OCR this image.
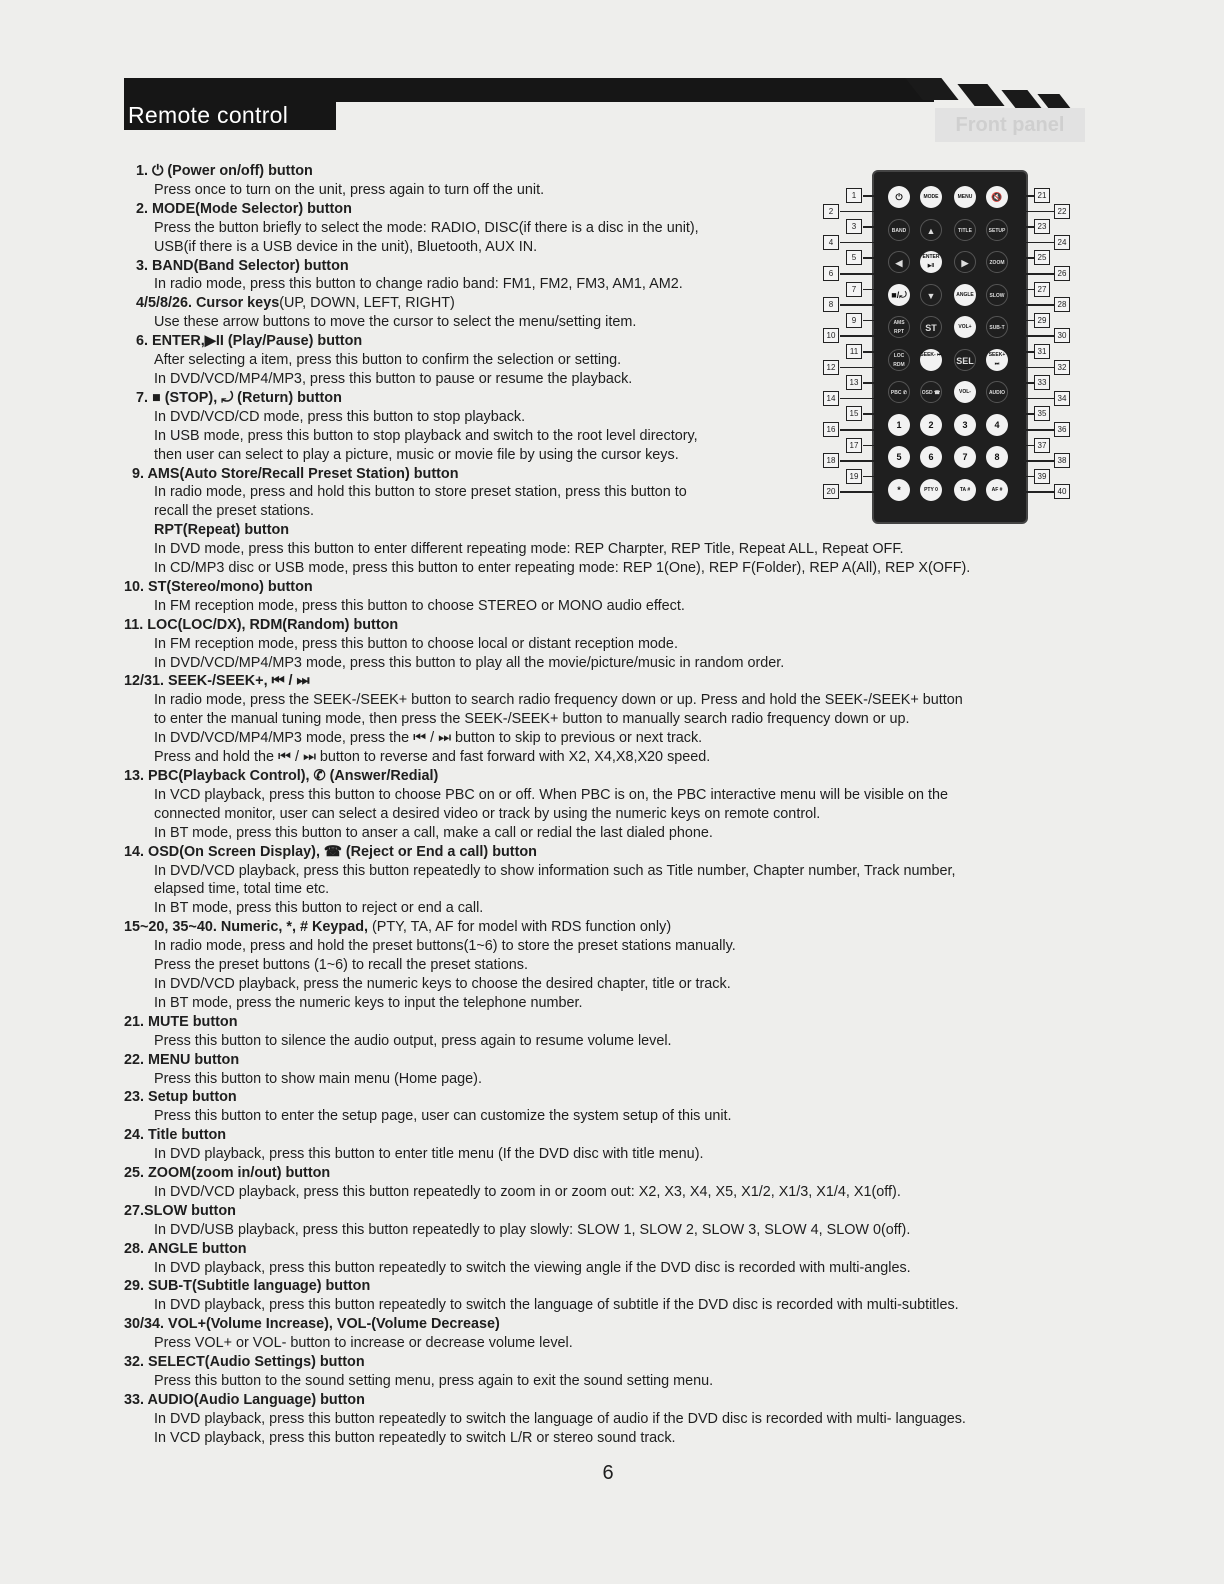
Remote control	Front panel
1. ⏻ (Power on/off) button
Press once to turn on the unit, press again to turn off the unit.
2. MODE(Mode Selector) button
Press the button briefly to select the mode: RADIO, DISC(if there is a disc in the unit),
USB(if there is a USB device in the unit), Bluetooth, AUX IN.
3. BAND(Band Selector) button
In radio mode, press this button to change radio band: FM1, FM2, FM3, AM1, AM2.
4/5/8/26. Cursor keys(UP, DOWN, LEFT, RIGHT)
Use these arrow buttons to move the cursor to select the menu/setting item.
6. ENTER,▶II (Play/Pause) button
After selecting a item, press this button to confirm the selection or setting.
In DVD/VCD/MP4/MP3, press this button to pause or resume the playback.
7. ■ (STOP), ⤾ (Return) button
In DVD/VCD/CD mode, press this button to stop playback.
In USB mode, press this button to stop playback and switch to the root level directory,
then user can select to play a picture, music or movie file by using the cursor keys.
9. AMS(Auto Store/Recall Preset Station) button
In radio mode, press and hold this button to store preset station, press this button to
recall the preset stations.
RPT(Repeat) button
In DVD mode, press this button to enter different repeating mode: REP Charpter, REP Title, Repeat ALL, Repeat OFF.
In CD/MP3 disc or USB mode, press this button to enter repeating mode: REP 1(One), REP F(Folder), REP A(All), REP X(OFF).
10. ST(Stereo/mono) button
In FM reception mode, press this button to choose STEREO or MONO audio effect.
11. LOC(LOC/DX), RDM(Random) button
In FM reception mode, press this button to choose local or distant reception mode.
In DVD/VCD/MP4/MP3 mode, press this button to play all the movie/picture/music in random order.
12/31. SEEK-/SEEK+, ⏮ / ⏭
In radio mode, press the SEEK-/SEEK+ button to search radio frequency down or up. Press and hold the SEEK-/SEEK+ button
to enter the manual tuning mode, then press the SEEK-/SEEK+ button to manually search radio frequency down or up.
In DVD/VCD/MP4/MP3 mode, press the ⏮ / ⏭ button to skip to previous or next track.
Press and hold the ⏮ / ⏭ button to reverse and fast forward with X2, X4,X8,X20 speed.
13. PBC(Playback Control), ✆ (Answer/Redial)
In VCD playback, press this button to choose PBC on or off. When PBC is on, the PBC interactive menu will be visible on the
connected monitor, user can select a desired video or track by using the numeric keys on remote control.
In BT mode, press this button to anser a call, make a call or redial the last dialed phone.
14. OSD(On Screen Display), ☎ (Reject or End a call) button
In DVD/VCD playback, press this button repeatedly to show information such as Title number, Chapter number, Track number,
elapsed time, total time etc.
In BT mode, press this button to reject or end a call.
15~20, 35~40. Numeric, *, # Keypad, (PTY, TA, AF for model with RDS function only)
In radio mode, press and hold the preset buttons(1~6) to store the preset stations manually.
Press the preset buttons (1~6) to recall the preset stations.
In DVD/VCD playback, press the numeric keys to choose the desired chapter, title or track.
In BT mode, press the numeric keys to input the telephone number.
21. MUTE button
Press this button to silence the audio output, press again to resume volume level.
22. MENU button
Press this button to show main menu (Home page).
23. Setup button
Press this button to enter the setup page, user can customize the system setup of this unit.
24. Title button
In DVD playback, press this button to enter title menu (If the DVD disc with title menu).
25. ZOOM(zoom in/out) button
In DVD/VCD playback, press this button repeatedly to zoom in or zoom out: X2, X3, X4, X5, X1/2, X1/3, X1/4, X1(off).
27.SLOW button
In DVD/USB playback, press this button repeatedly to play slowly: SLOW 1, SLOW 2, SLOW 3, SLOW 4, SLOW 0(off).
28. ANGLE button
In DVD playback, press this button repeatedly to switch the viewing angle if the DVD disc is recorded with multi-angles.
29. SUB-T(Subtitle language) button
In DVD playback, press this button repeatedly to switch the language of subtitle if the DVD disc is recorded with multi-subtitles.
30/34. VOL+(Volume Increase), VOL-(Volume Decrease)
Press VOL+ or VOL- button to increase or decrease volume level.
32. SELECT(Audio Settings) button
Press this button to the sound setting menu, press again to exit the sound setting menu.
33. AUDIO(Audio Language) button
In DVD playback, press this button repeatedly to switch the language of audio if the DVD disc is recorded with multi- languages.
In VCD playback, press this button repeatedly to switch L/R or stereo sound track.
⏻	MODE	MENU	🔇
BAND	▲	TITLE	SETUP
◀
ENTER ▶II	▶	ZOOM
■/⤾	▼	ANGLE	SLOW
AMS RPT	ST	VOL+	SUB-T
LOC RDM
SEEK- ⏮
SEL
SEEK+ ⏭
PBC ✆	OSD ☎	VOL-	AUDIO
1	2	3	4
5	6	7	8
*	PTY 0	TA #	AF #
1
2
3
4
5
6
7
8
9
10
11
12
13
14
15
16
17
18
19
20
21
22
23
24
25
26
27
28
29
30
31
32
33
34
35
36
37
38
39
40
6
